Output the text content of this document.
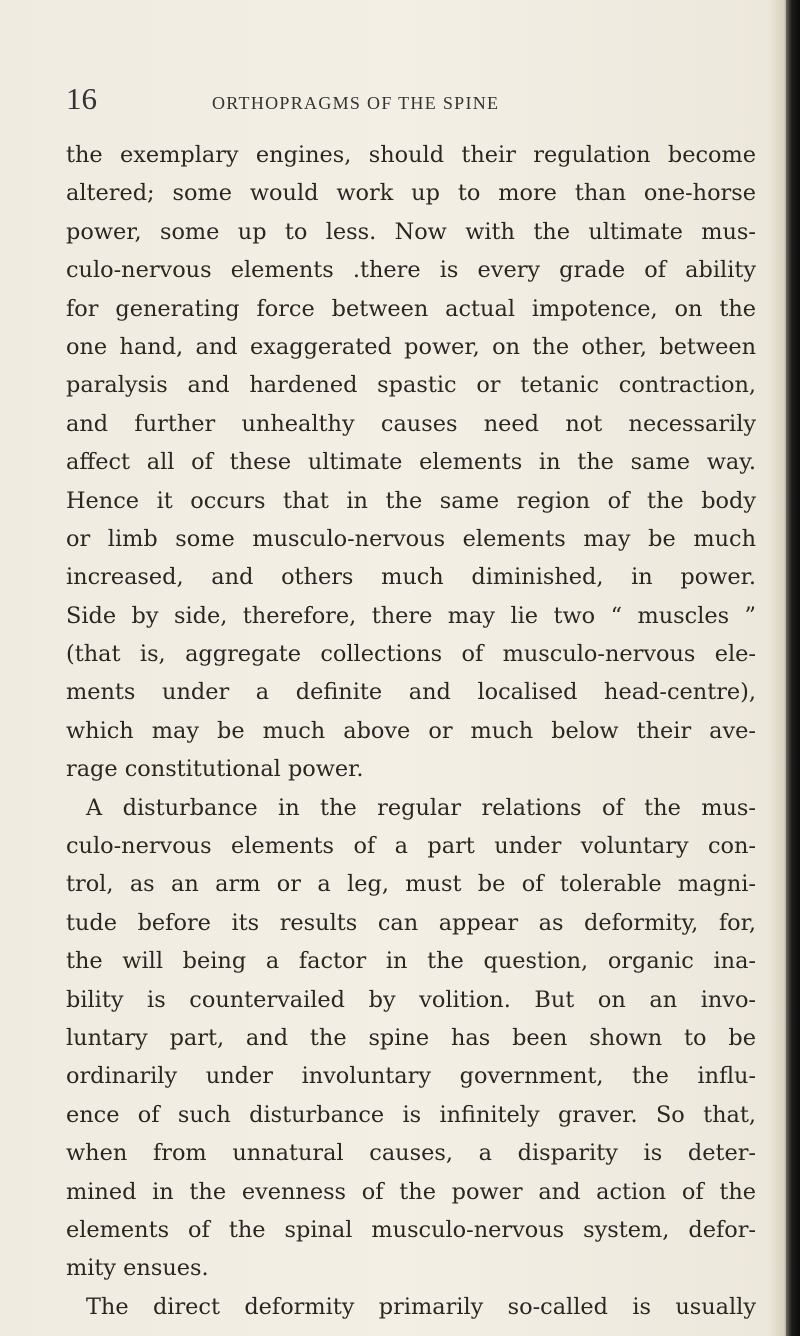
16	ORTHOPRAGMS OF THE SPINE
the exemplary engines, should their regulation become
altered; some would work up to more than one-horse
power, some up to less. Now with the ultimate mus-
culo-nervous elements .there is every grade of ability
for generating force between actual impotence, on the
one hand, and exaggerated power, on the other, between
paralysis and hardened spastic or tetanic contraction,
and further unhealthy causes need not necessarily
affect all of these ultimate elements in the same way.
Hence it occurs that in the same region of the body
or limb some musculo-nervous elements may be much
increased, and others much diminished, in power.
Side by side, therefore, there may lie two “ muscles ”
(that is, aggregate collections of musculo-nervous ele-
ments under a definite and localised head-centre),
which may be much above or much below their ave-
rage constitutional power.
A disturbance in the regular relations of the mus-
culo-nervous elements of a part under voluntary con-
trol, as an arm or a leg, must be of tolerable magni-
tude before its results can appear as deformity, for,
the will being a factor in the question, organic ina-
bility is countervailed by volition. But on an invo-
luntary part, and the spine has been shown to be
ordinarily under involuntary government, the influ-
ence of such disturbance is infinitely graver. So that,
when from unnatural causes, a disparity is deter-
mined in the evenness of the power and action of the
elements of the spinal musculo-nervous system, defor-
mity ensues.
The direct deformity primarily so-called is usually
